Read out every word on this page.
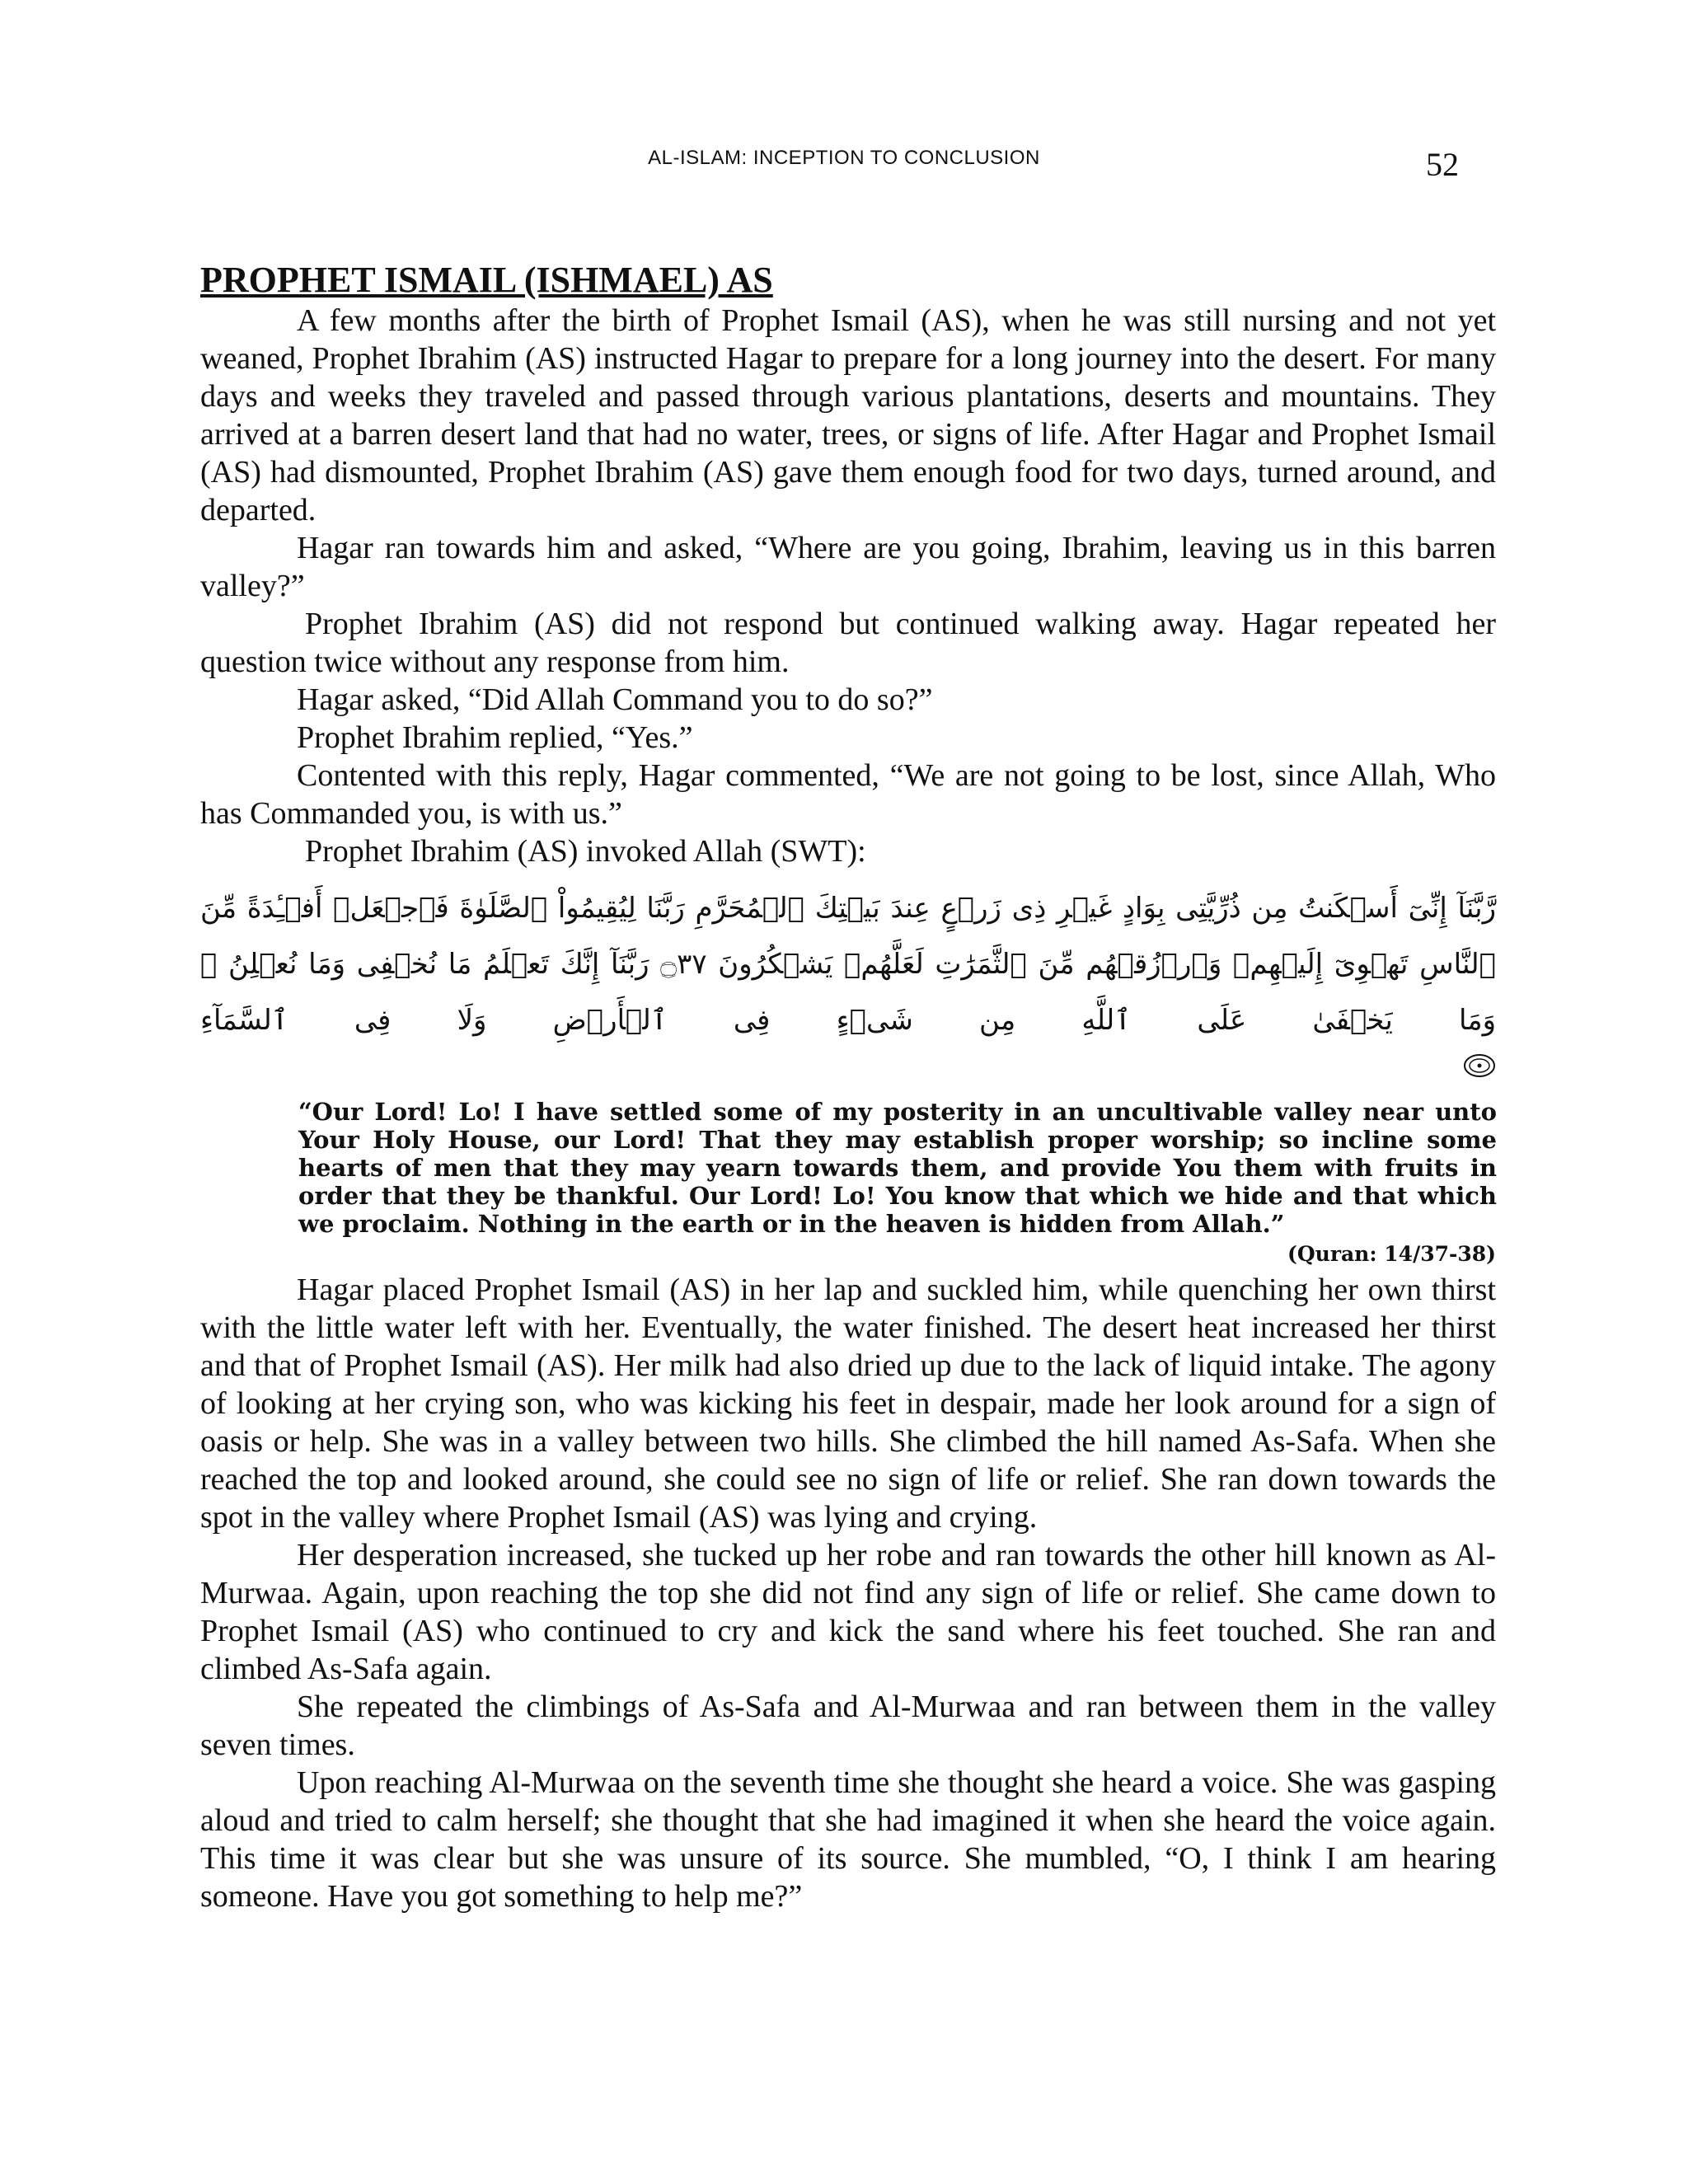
AL-ISLAM: INCEPTION TO CONCLUSION	52
PROPHET ISMAIL (ISHMAEL) AS

A few months after the birth of Prophet Ismail (AS), when he was still nursing and not yet weaned, Prophet Ibrahim (AS) instructed Hagar to prepare for a long journey into the desert. For many days and weeks they traveled and passed through various plantations, deserts and mountains. They arrived at a barren desert land that had no water, trees, or signs of life. After Hagar and Prophet Ismail (AS) had dismounted, Prophet Ibrahim (AS) gave them enough food for two days, turned around, and departed.

Hagar ran towards him and asked, “Where are you going, Ibrahim, leaving us in this barren valley?”

Prophet Ibrahim (AS) did not respond but continued walking away. Hagar repeated her question twice without any response from him.

Hagar asked, “Did Allah Command you to do so?”

Prophet Ibrahim replied, “Yes.”

Contented with this reply, Hagar commented, “We are not going to be lost, since Allah, Who has Commanded you, is with us.”

Prophet Ibrahim (AS) invoked Allah (SWT):

رَّبَّنَآ إِنِّىٓ أَسۡكَنتُ مِن ذُرِّيَّتِى بِوَادٍ غَيۡرِ ذِى زَرۡعٍ عِندَ بَيۡتِكَ ٱلۡمُحَرَّمِ رَبَّنَا لِيُقِيمُواْ ٱلصَّلَوٰةَ فَٱجۡعَلۡ أَفۡـِٔدَةً مِّنَ ٱلنَّاسِ تَهۡوِىٓ إِلَيۡهِمۡ وَٱرۡزُقۡهُم مِّنَ ٱلثَّمَرَٰتِ لَعَلَّهُمۡ يَشۡكُرُونَ ۝٣٧ رَبَّنَآ إِنَّكَ تَعۡلَمُ مَا نُخۡفِى وَمَا نُعۡلِنُ ۗ وَمَا يَخۡفَىٰ عَلَى ٱللَّهِ مِن شَىۡءٍ فِى ٱلۡأَرۡضِ وَلَا فِى ٱلسَّمَآءِ

“Our Lord! Lo! I have settled some of my posterity in an uncultivable valley near unto Your Holy House, our Lord! That they may establish proper worship; so incline some hearts of men that they may yearn towards them, and provide You them with fruits in order that they be thankful. Our Lord! Lo! You know that which we hide and that which we proclaim. Nothing in the earth or in the heaven is hidden from Allah.”
(Quran: 14/37-38)

Hagar placed Prophet Ismail (AS) in her lap and suckled him, while quenching her own thirst with the little water left with her. Eventually, the water finished. The desert heat increased her thirst and that of Prophet Ismail (AS). Her milk had also dried up due to the lack of liquid intake. The agony of looking at her crying son, who was kicking his feet in despair, made her look around for a sign of oasis or help. She was in a valley between two hills. She climbed the hill named As-Safa. When she reached the top and looked around, she could see no sign of life or relief. She ran down towards the spot in the valley where Prophet Ismail (AS) was lying and crying.

Her desperation increased, she tucked up her robe and ran towards the other hill known as Al-Murwaa. Again, upon reaching the top she did not find any sign of life or relief. She came down to Prophet Ismail (AS) who continued to cry and kick the sand where his feet touched. She ran and climbed As-Safa again.

She repeated the climbings of As-Safa and Al-Murwaa and ran between them in the valley seven times.

Upon reaching Al-Murwaa on the seventh time she thought she heard a voice. She was gasping aloud and tried to calm herself; she thought that she had imagined it when she heard the voice again. This time it was clear but she was unsure of its source. She mumbled, “O, I think I am hearing someone. Have you got something to help me?”
